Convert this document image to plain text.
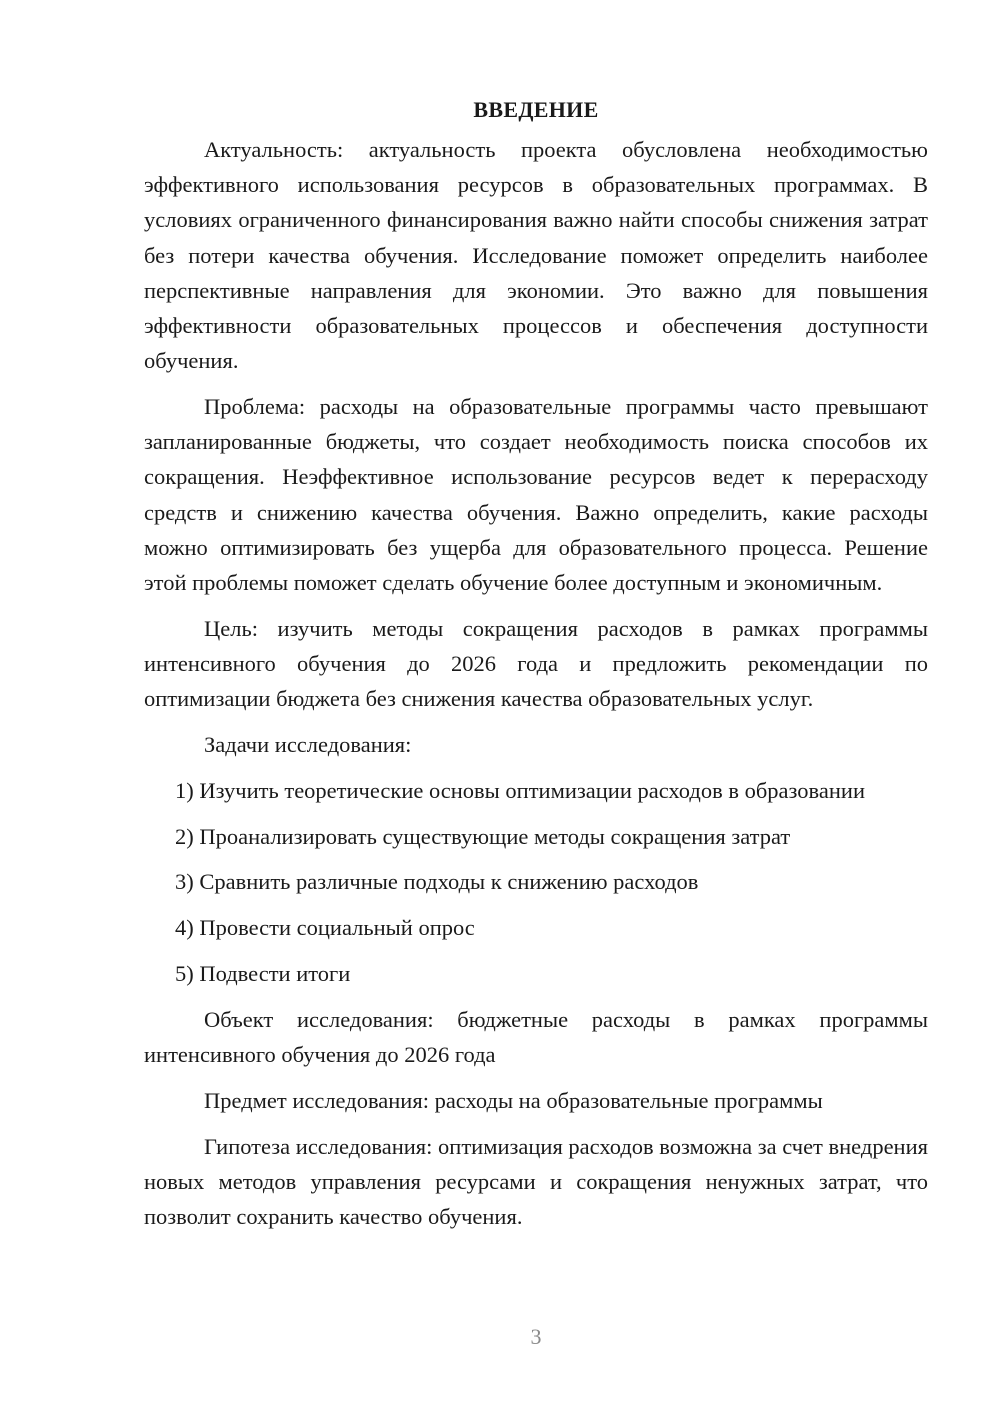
ВВЕДЕНИЕ

Актуальность: актуальность проекта обусловлена необходимостью эффективного использования ресурсов в образовательных программах. В условиях ограниченного финансирования важно найти способы снижения затрат без потери качества обучения. Исследование поможет определить наиболее перспективные направления для экономии. Это важно для повышения эффективности образовательных процессов и обеспечения доступности обучения.

Проблема: расходы на образовательные программы часто превышают запланированные бюджеты, что создает необходимость поиска способов их сокращения. Неэффективное использование ресурсов ведет к перерасходу средств и снижению качества обучения. Важно определить, какие расходы можно оптимизировать без ущерба для образовательного процесса. Решение этой проблемы поможет сделать обучение более доступным и экономичным.

Цель: изучить методы сокращения расходов в рамках программы интенсивного обучения до 2026 года и предложить рекомендации по оптимизации бюджета без снижения качества образовательных услуг.

Задачи исследования:

1) Изучить теоретические основы оптимизации расходов в образовании

2) Проанализировать существующие методы сокращения затрат

3) Сравнить различные подходы к снижению расходов

4) Провести социальный опрос

5) Подвести итоги

Объект исследования: бюджетные расходы в рамках программы интенсивного обучения до 2026 года

Предмет исследования: расходы на образовательные программы

Гипотеза исследования: оптимизация расходов возможна за счет внедрения новых методов управления ресурсами и сокращения ненужных затрат, что позволит сохранить качество обучения.

3
